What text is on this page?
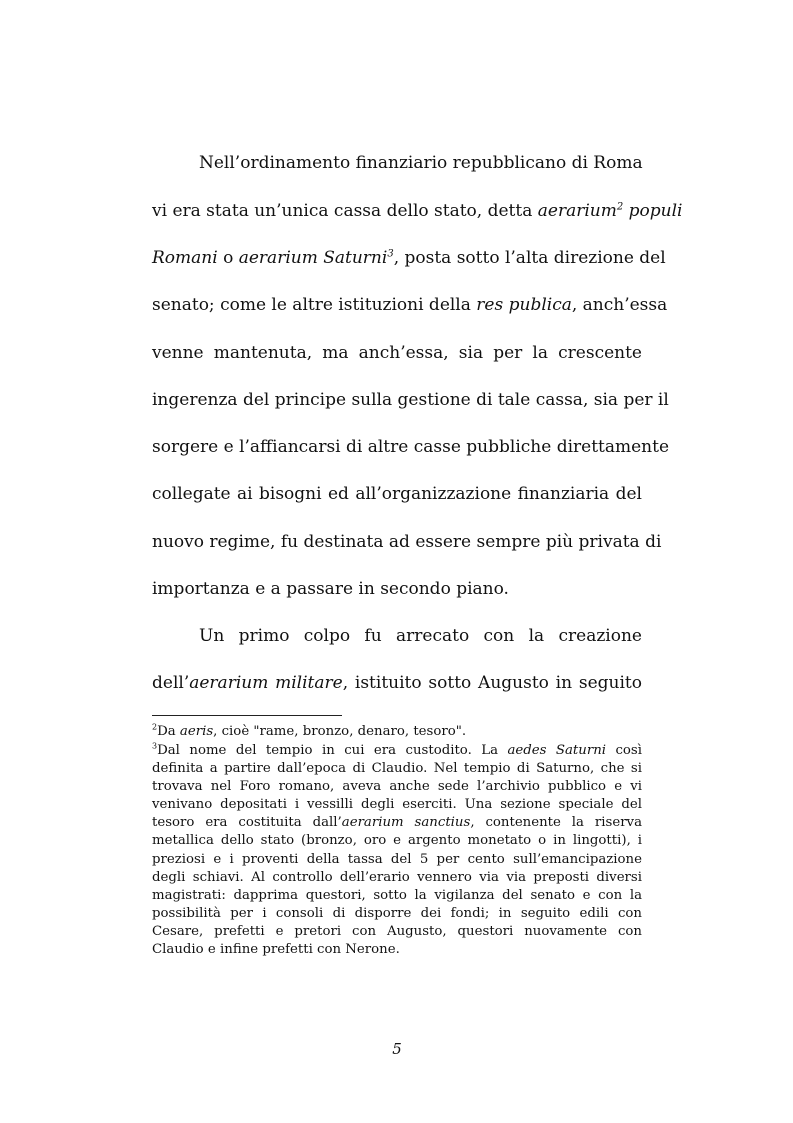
Nell’ordinamento finanziario repubblicano di Roma
vi era stata un’unica cassa dello stato, detta aerarium$^2$ populi
Romani o aerarium Saturni$^3$, posta sotto l’alta direzione del
senato; come le altre istituzioni della res publica, anch’essa
venne mantenuta, ma anch’essa, sia per la crescente
ingerenza del principe sulla gestione di tale cassa, sia per il
sorgere e l’affiancarsi di altre casse pubbliche direttamente
collegate ai bisogni ed all’organizzazione finanziaria del
nuovo regime, fu destinata ad essere sempre più privata di
importanza e a passare in secondo piano.
Un primo colpo fu arrecato con la creazione
dell’aerarium militare, istituito sotto Augusto in seguito
$^2$Da aeris, cioè "rame, bronzo, denaro, tesoro".
$^3$Dal nome del tempio in cui era custodito. La aedes Saturni così
definita a partire dall’epoca di Claudio. Nel tempio di Saturno, che si
trovava nel Foro romano, aveva anche sede l’archivio pubblico e vi
venivano depositati i vessilli degli eserciti. Una sezione speciale del
tesoro era costituita dall’aerarium sanctius, contenente la riserva
metallica dello stato (bronzo, oro e argento monetato o in lingotti), i
preziosi e i proventi della tassa del 5 per cento sull’emancipazione
degli schiavi. Al controllo dell’erario vennero via via preposti diversi
magistrati: dapprima questori, sotto la vigilanza del senato e con la
possibilità per i consoli di disporre dei fondi; in seguito edili con
Cesare, prefetti e pretori con Augusto, questori nuovamente con
Claudio e infine prefetti con Nerone.
5
